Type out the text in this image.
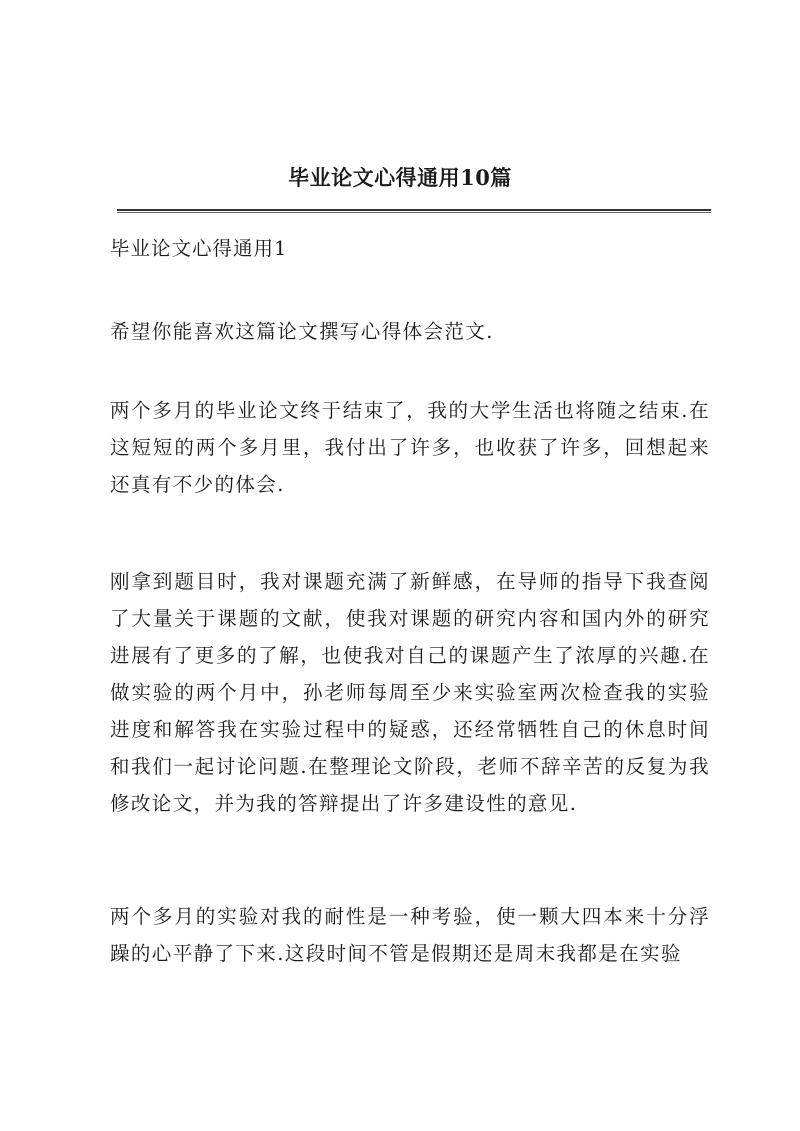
毕业论文心得通用10篇
毕业论文心得通用1

希望你能喜欢这篇论文撰写心得体会范文.

两个多月的毕业论文终于结束了，我的大学生活也将随之结束.在这短短的两个多月里，我付出了许多，也收获了许多，回想起来还真有不少的体会.

刚拿到题目时，我对课题充满了新鲜感，在导师的指导下我查阅了大量关于课题的文献，使我对课题的研究内容和国内外的研究进展有了更多的了解，也使我对自己的课题产生了浓厚的兴趣.在做实验的两个月中，孙老师每周至少来实验室两次检查我的实验进度和解答我在实验过程中的疑惑，还经常牺牲自己的休息时间和我们一起讨论问题.在整理论文阶段，老师不辞辛苦的反复为我修改论文，并为我的答辩提出了许多建设性的意见.

两个多月的实验对我的耐性是一种考验，使一颗大四本来十分浮躁的心平静了下来.这段时间不管是假期还是周末我都是在实验
